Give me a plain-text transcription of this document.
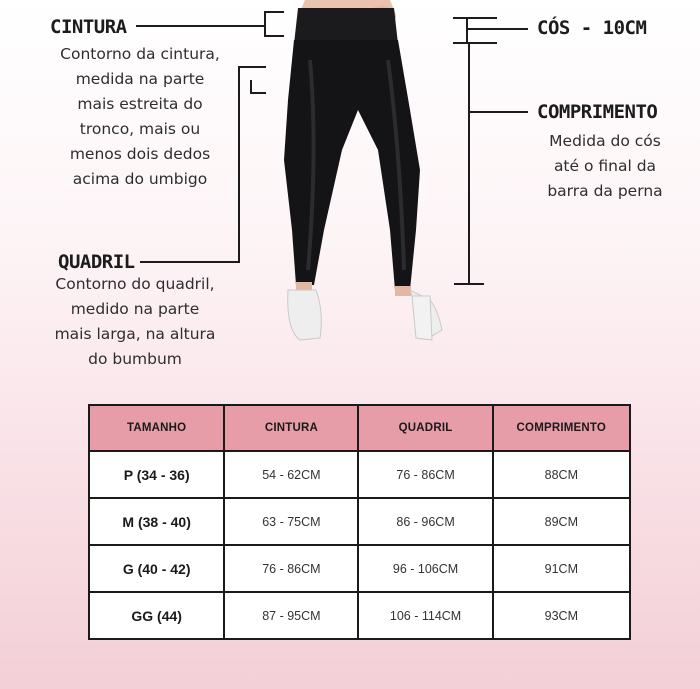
CINTURA
Contorno da cintura,
medida na parte
mais estreita do
tronco, mais ou
menos dois dedos
acima do umbigo
QUADRIL
Contorno do quadril,
medido na parte
mais larga, na altura
do bumbum
CÓS - 10CM
COMPRIMENTO
Medida do cós
até o final da
barra da perna
TAMANHO	CINTURA	QUADRIL	COMPRIMENTO
P (34 - 36)	54 - 62CM	76 - 86CM	88CM
M (38 - 40)	63 - 75CM	86 - 96CM	89CM
G (40 - 42)	76 - 86CM	96 - 106CM	91CM
GG (44)	87 - 95CM	106 - 114CM	93CM
